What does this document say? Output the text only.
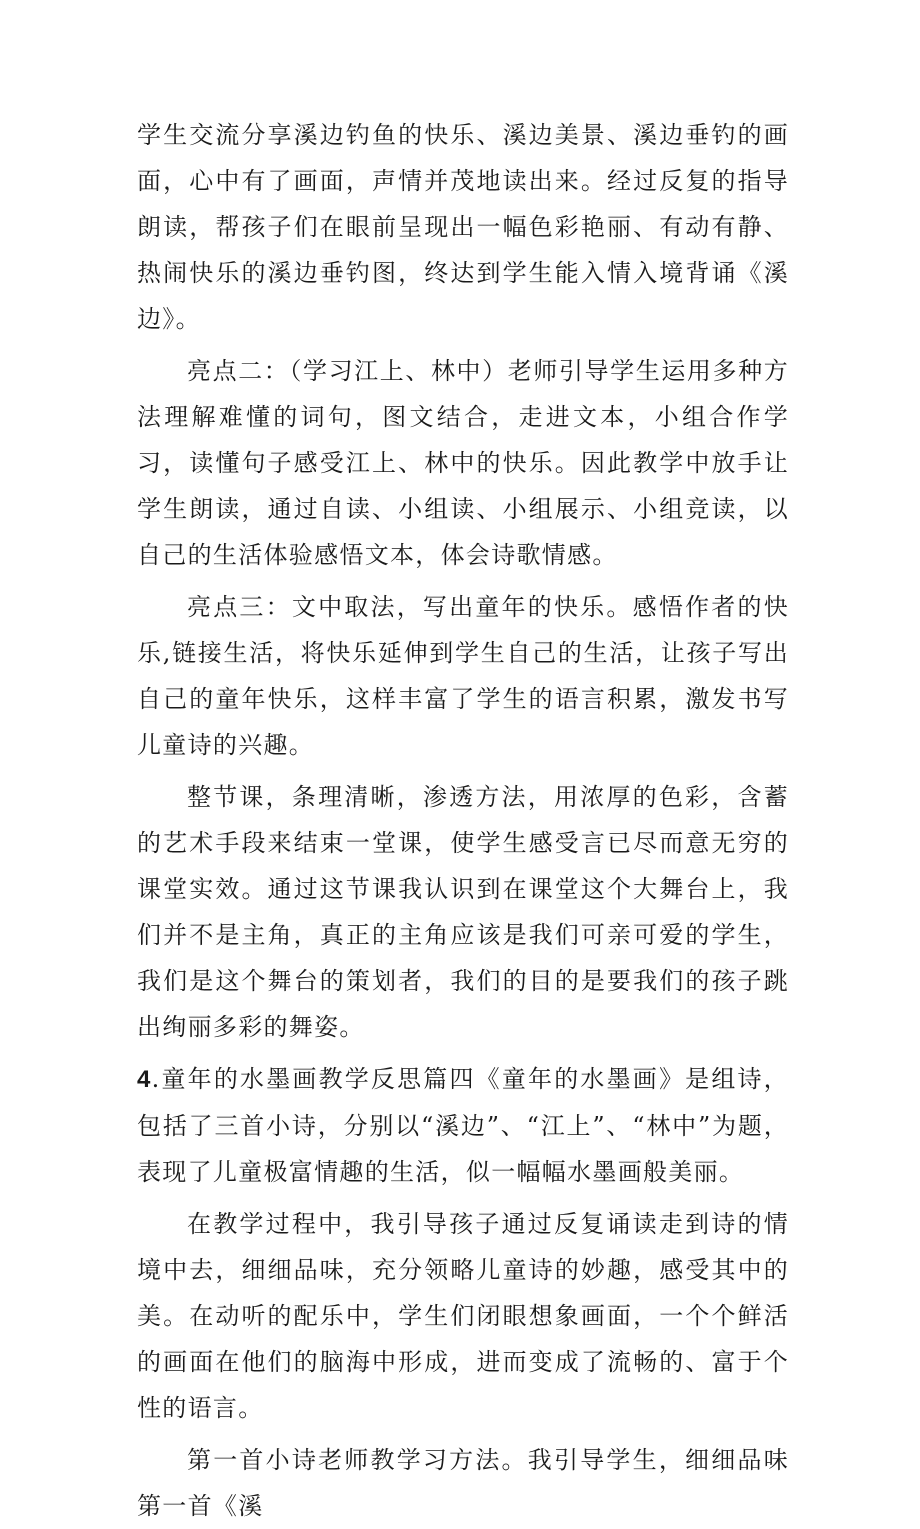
学生交流分享溪边钓鱼的快乐、溪边美景、溪边垂钓的画面，心中有了画面，声情并茂地读出来。经过反复的指导朗读，帮孩子们在眼前呈现出一幅色彩艳丽、有动有静、热闹快乐的溪边垂钓图，终达到学生能入情入境背诵《溪边》。

亮点二：（学习江上、林中）老师引导学生运用多种方法理解难懂的词句，图文结合，走进文本，小组合作学习，读懂句子感受江上、林中的快乐。因此教学中放手让学生朗读，通过自读、小组读、小组展示、小组竞读，以自己的生活体验感悟文本，体会诗歌情感。

亮点三：文中取法，写出童年的快乐。感悟作者的快乐,链接生活，将快乐延伸到学生自己的生活，让孩子写出自己的童年快乐，这样丰富了学生的语言积累，激发书写儿童诗的兴趣。

整节课，条理清晰，渗透方法，用浓厚的色彩，含蓄的艺术手段来结束一堂课，使学生感受言已尽而意无穷的课堂实效。通过这节课我认识到在课堂这个大舞台上，我们并不是主角，真正的主角应该是我们可亲可爱的学生，我们是这个舞台的策划者，我们的目的是要我们的孩子跳出绚丽多彩的舞姿。

4.童年的水墨画教学反思篇四《童年的水墨画》是组诗，包括了三首小诗，分别以“溪边”、“江上”、“林中”为题，表现了儿童极富情趣的生活，似一幅幅水墨画般美丽。

在教学过程中，我引导孩子通过反复诵读走到诗的情境中去，细细品味，充分领略儿童诗的妙趣，感受其中的美。在动听的配乐中，学生们闭眼想象画面，一个个鲜活的画面在他们的脑海中形成，进而变成了流畅的、富于个性的语言。

第一首小诗老师教学习方法。我引导学生，细细品味第一首《溪
